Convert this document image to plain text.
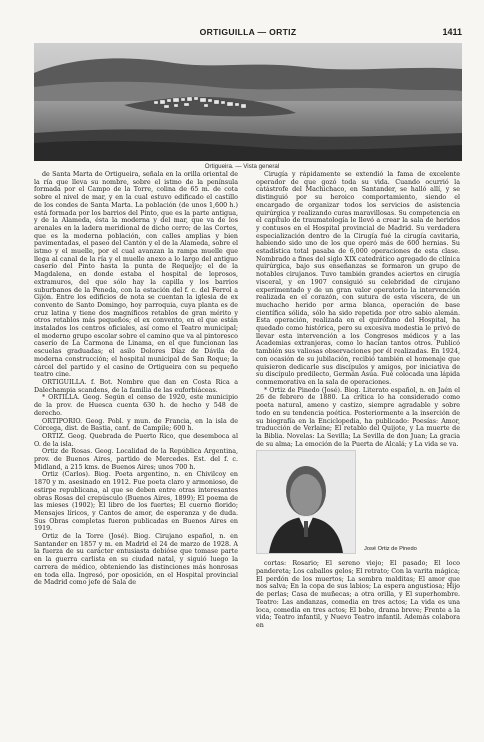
ORTIGUILLA — ORTIZ	1411
Ortigueira. — Vista general

de Santa Marta de Ortigueira, señala en la orilla oriental de la ría que lleva su nombre, sobre el istmo de la península formada por el Campo de la Torre, colina de 65 m. de cota sobre el nivel de mar, y en la cual estuvo edificado el castillo de los condes de Santa Marta. La población (de unos 1,600 h.) está formada por los barrios del Pinto, que es la parte antigua, y de la Alameda, ésta la moderna y del mar, que va de los arenales en la ladera meridional de dicho cerro; de las Cortes, que es la moderna población, con calles amplias y bien pavimentadas, el paseo del Cantón y el de la Alameda, sobre el istmo y el muelle, por el cual avanzan la rampa muelle que llega al canal de la ría y el muelle anexo a lo largo del antiguo caserío del Pinto hasta la punta de Requeijo; el de la Magdalena, en donde estaba el hospital de leprosos, extramuros, del que sólo hay la capilla y los barrios suburbanos de la Peneda, con la estación del f. c. del Ferrol a Gijón. Entre los edificios de nota se cuentan la iglesia de ex convento de Santo Domingo, hoy parroquia, cuya planta es de cruz latina y tiene dos magníficos retablos de gran mérito y otros retablos más pequeños; el ex convento, en el que están instalados los centros oficiales, así como el Teatro municipal; el moderno grupo escolar sobre el camino que va al pintoresco caserío de La Carmona de Linama, en el que funcionan las escuelas graduadas; el asilo Dolores Díaz de Dávila de moderna construcción; el hospital municipal de San Roque; la cárcel del partido y el casino de Ortigueira con su pequeño teatro cine.

ORTIGUILLA. f. Bot. Nombre que dan en Costa Rica a Dalechampia scandens, de la familia de las euforbiáceas.

* ORTILLA. Geog. Según el censo de 1920, este municipio de la prov. de Huesca cuenta 630 h. de hecho y 548 de derecho.

ORTIPORIO. Geog. Pobl. y mun. de Francia, en la isla de Córcega, dist. de Bastia, cant. de Campile; 600 h.

ORTIZ. Geog. Quebrada de Puerto Rico, que desemboca al O. de la isla.

Ortiz de Rosas. Geog. Localidad de la República Argentina, prov. de Buenos Aires, partido de Mercedes. Est. del f. c. Midland, a 215 kms. de Buenos Aires; unos 700 h.

Ortiz (Carlos). Biog. Poeta argentino, n. en Chivilcoy en 1870 y m. asesinado en 1912. Fue poeta claro y armonioso, de estirpe republicana, al que se deben entre otras interesantes obras Rosas del crepúsculo (Buenos Aires, 1899); El poema de las mieses (1902); El libro de los fuertes; El cuerno florido; Mensajes líricos, y Cantos de amor, de esperanza y de duda. Sus Obras completas fueron publicadas en Buenos Aires en 1919.

Ortiz de la Torre (José). Biog. Cirujano español, n. en Santander en 1857 y m. en Madrid el 24 de marzo de 1928. A la fuerza de su carácter entusiasta debióse que tomase parte en la guerra carlista en su ciudad natal, y siguió luego la carrera de médico, obteniendo las distinciones más honrosas en toda ella. Ingresó, por oposición, en el Hospital provincial de Madrid como jefe de Sala de

Cirugía y rápidamente se extendió la fama de excelente operador de que gozó toda su vida. Cuando ocurrió la catástrofe del Machichaco, en Santander, se halló allí, y se distinguió por su heroico comportamiento, siendo el encargado de organizar todos los servicios de asistencia quirúrgica y realizando curas maravillosas. Su competencia en el capítulo de traumatología le llevó a crear la sala de heridos y contusos en el Hospital provincial de Madrid. Su verdadera especialización dentro de la Cirugía fué la cirugía cavitaria, habiendo sido uno de los que operó más de 600 hernias. Su estadística total pasaba de 6,000 operaciones de esta clase. Nombrado a fines del siglo XIX catedrático agregado de clínica quirúrgica, bajo sus enseñanzas se formaron un grupo de notables cirujanos. Tuvo también grandes aciertos en cirugía visceral, y en 1907 consiguió su celebridad de cirujano experimentado y de un gran valor operatorio la intervención realizada en el corazón, con sutura de esta víscera, de un muchacho herido por arma blanca, operación de base científica sólida, sólo ha sido repetida por otro sabio alemán. Esta operación, realizada en el quirófano del Hospital, ha quedado como histórica, pero su excesiva modestia le privó de llevar esta intervención a los Congresos médicos y a las Academias extranjeras, como lo hacían tantos otros. Publicó también sus valiosas observaciones por él realizadas. En 1924, con ocasión de su jubilación, recibió también el homenaje que quisieron dedicarle sus discípulos y amigos, por iniciativa de su discípulo predilecto, Germán Asúa. Fué colocada una lápida conmemorativa en la sala de operaciones.

* Ortiz de Pinedo (José). Biog. Literato español, n. en Jaén el 26 de febrero de 1880. La crítica lo ha considerado como poeta natural, ameno y castizo, siempre agradable y sobre todo en su tendencia poética. Posteriormente a la inserción de su biografía en la Enciclopedia, ha publicado: Poesías: Amor, traducción de Verlaine; El retablo del Quijote, y La muerte de la Biblia. Novelas: La Sevilla; La Sevilla de don Juan; La gracia de su alma; La emoción de la Puerta de Alcalá; y La vida se va.

José Ortiz de Pinedo

cortas: Rosario; El sereno viejo; El pasado; El loco pandereta; Los caballos gelos; El retrato; Con la varita mágica; El perdón de los muertos; La sombra malditas; El amor que nos salva; En la copa de sus labios; La espera angustiosa; Hijo de perlas; Casa de muñecas; a otra orilla, y El superhombre. Teatro: Las andanzas, comedia en tres actos; La vida es una loca, comedia en tres actos; El bobo, drama breve; Frente a la vida; Teatro infantil, y Nuevo Teatro infantil. Además colabora en
